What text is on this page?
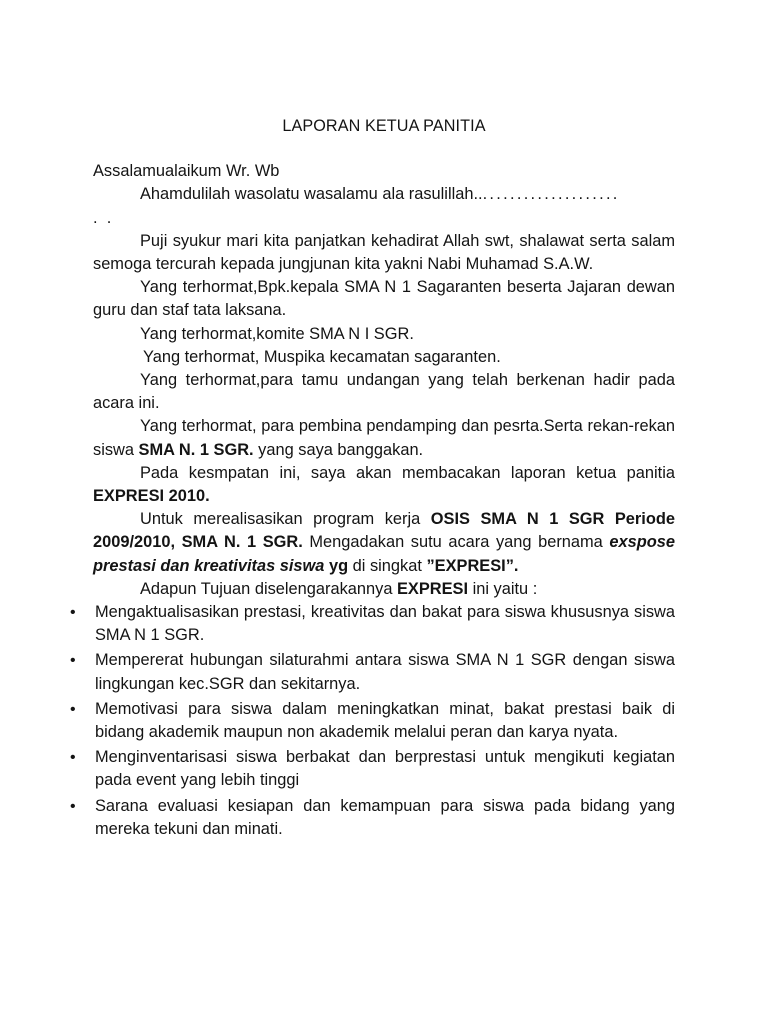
LAPORAN KETUA PANITIA

Assalamualaikum Wr. Wb

Ahamdulilah wasolatu wasalamu ala rasulillah......................
. .

Puji syukur mari kita panjatkan kehadirat Allah swt, shalawat serta salam semoga tercurah kepada jungjunan kita yakni Nabi Muhamad S.A.W.

Yang terhormat,Bpk.kepala SMA N 1 Sagaranten beserta Jajaran dewan guru dan staf tata laksana.

Yang terhormat,komite SMA N I SGR.

Yang terhormat, Muspika kecamatan sagaranten.

Yang terhormat,para tamu undangan yang telah berkenan hadir pada acara ini.

Yang terhormat, para pembina pendamping dan pesrta.Serta rekan-rekan siswa SMA N. 1 SGR. yang saya banggakan.

Pada kesmpatan ini, saya akan membacakan laporan ketua panitia EXPRESI 2010.

Untuk merealisasikan program kerja OSIS SMA N 1 SGR Periode 2009/2010, SMA N. 1 SGR. Mengadakan sutu acara yang bernama exspose prestasi dan kreativitas siswa yg di singkat ”EXPRESI”.

Adapun Tujuan diselengarakannya EXPRESI ini yaitu :

• Mengaktualisasikan prestasi, kreativitas dan bakat para siswa khususnya siswa SMA N 1 SGR.
• Mempererat hubungan silaturahmi antara siswa SMA N 1 SGR dengan siswa lingkungan kec.SGR dan sekitarnya.
• Memotivasi para siswa dalam meningkatkan minat, bakat prestasi baik di bidang akademik maupun non akademik melalui peran dan karya nyata.
• Menginventarisasi siswa berbakat dan berprestasi untuk mengikuti kegiatan pada event yang lebih tinggi
• Sarana evaluasi kesiapan dan kemampuan para siswa pada bidang yang mereka tekuni dan minati.
